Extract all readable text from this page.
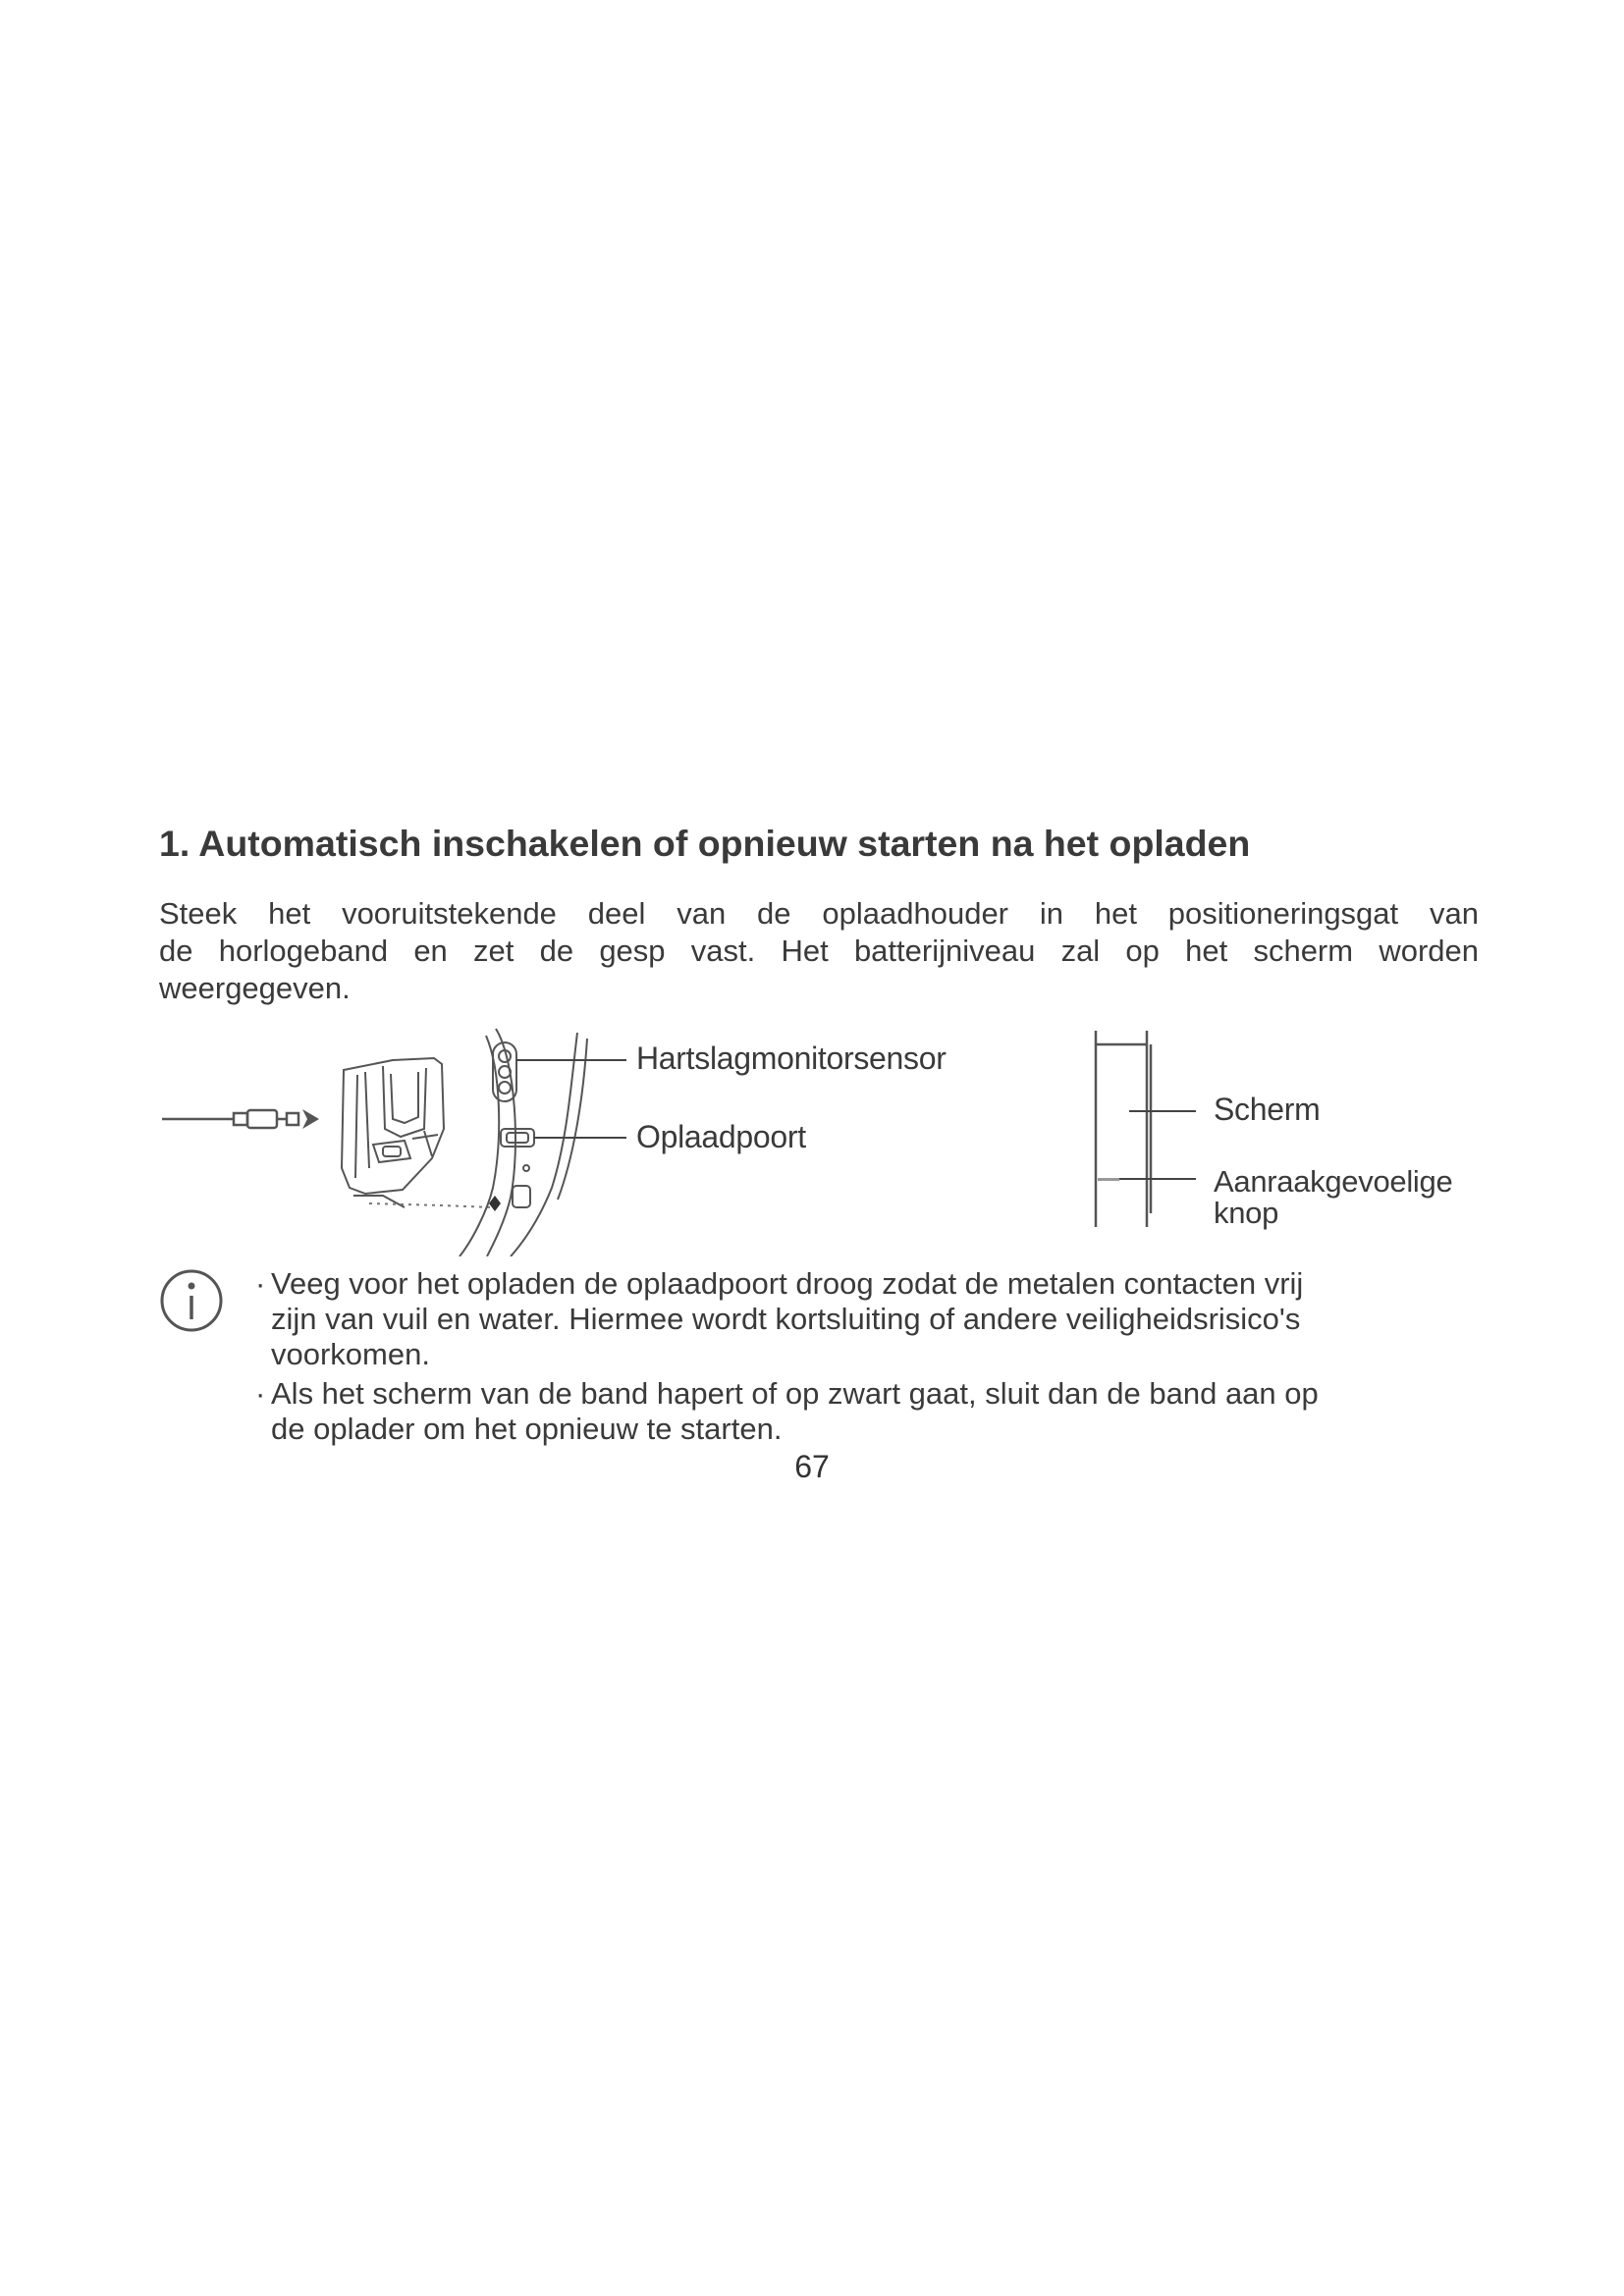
1. Automatisch inschakelen of opnieuw starten na het opladen
Steek het vooruitstekende deel van de oplaadhouder in het positioneringsgat van
de horlogeband en zet de gesp vast. Het batterijniveau zal op het scherm worden
weergegeven.
Hartslagmonitorsensor
Oplaadpoort
Scherm
Aanraakgevoelige
knop
· Veeg voor het opladen de oplaadpoort droog zodat de metalen contacten vrij
zijn van vuil en water. Hiermee wordt kortsluiting of andere veiligheidsrisico's
voorkomen.
· Als het scherm van de band hapert of op zwart gaat, sluit dan de band aan op
de oplader om het opnieuw te starten.
67
